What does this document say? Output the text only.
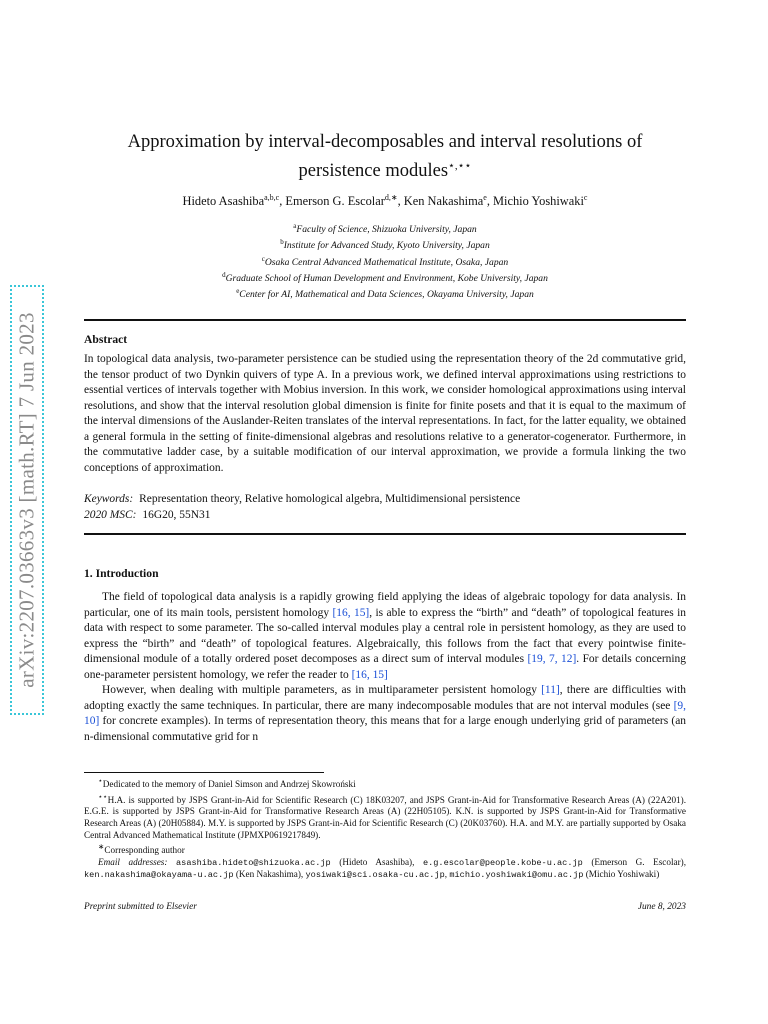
arXiv:2207.03663v3 [math.RT] 7 Jun 2023
Approximation by interval-decomposables and interval resolutions of
persistence modules⋆,⋆⋆
Hideto Asashiba$^{a,b,c}$, Emerson G. Escolar$^{d,∗}$, Ken Nakashima$^e$, Michio Yoshiwaki$^c$
$^a$Faculty of Science, Shizuoka University, Japan
$^b$Institute for Advanced Study, Kyoto University, Japan
$^c$Osaka Central Advanced Mathematical Institute, Osaka, Japan
$^d$Graduate School of Human Development and Environment, Kobe University, Japan
$^e$Center for AI, Mathematical and Data Sciences, Okayama University, Japan
Abstract

In topological data analysis, two-parameter persistence can be studied using the representation theory of the 2d commutative grid, the tensor product of two Dynkin quivers of type A. In a previous work, we defined interval approximations using restrictions to essential vertices of intervals together with Mobius inversion. In this work, we consider homological approximations using interval resolutions, and show that the interval resolution global dimension is finite for finite posets and that it is equal to the maximum of the interval dimensions of the Auslander-Reiten translates of the interval representations. In fact, for the latter equality, we obtained a general formula in the setting of finite-dimensional algebras and resolutions relative to a generator-cogenerator. Furthermore, in the commutative ladder case, by a suitable modification of our interval approximation, we provide a formula linking the two conceptions of approximation.

Keywords: Representation theory, Relative homological algebra, Multidimensional persistence
2020 MSC: 16G20, 55N31
1. Introduction

The field of topological data analysis is a rapidly growing field applying the ideas of algebraic topology for data analysis. In particular, one of its main tools, persistent homology [16, 15], is able to express the “birth” and “death” of topological features in data with respect to some parameter. The so-called interval modules play a central role in persistent homology, as they are used to express the “birth” and “death” of topological features. Algebraically, this follows from the fact that every pointwise finite-dimensional module of a totally ordered poset decomposes as a direct sum of interval modules [19, 7, 12]. For details concerning one-parameter persistent homology, we refer the reader to [16, 15]

However, when dealing with multiple parameters, as in multiparameter persistent homology [11], there are difficulties with adopting exactly the same techniques. In particular, there are many indecomposable modules that are not interval modules (see [9, 10] for concrete examples). In terms of representation theory, this means that for a large enough underlying grid of parameters (an n-dimensional commutative grid for n

⋆Dedicated to the memory of Daniel Simson and Andrzej Skowroński

⋆⋆H.A. is supported by JSPS Grant-in-Aid for Scientific Research (C) 18K03207, and JSPS Grant-in-Aid for Transformative Research Areas (A) (22A201). E.G.E. is supported by JSPS Grant-in-Aid for Transformative Research Areas (A) (22H05105). K.N. is supported by JSPS Grant-in-Aid for Transformative Research Areas (A) (20H05884). M.Y. is supported by JSPS Grant-in-Aid for Scientific Research (C) (20K03760). H.A. and M.Y. are partially supported by Osaka Central Advanced Mathematical Institute (JPMXP0619217849).

∗Corresponding author

Email addresses: asashiba.hideto@shizuoka.ac.jp (Hideto Asashiba), e.g.escolar@people.kobe-u.ac.jp (Emerson G. Escolar), ken.nakashima@okayama-u.ac.jp (Ken Nakashima), yosiwaki@sci.osaka-cu.ac.jp, michio.yoshiwaki@omu.ac.jp (Michio Yoshiwaki)

Preprint submitted to Elsevier	June 8, 2023
